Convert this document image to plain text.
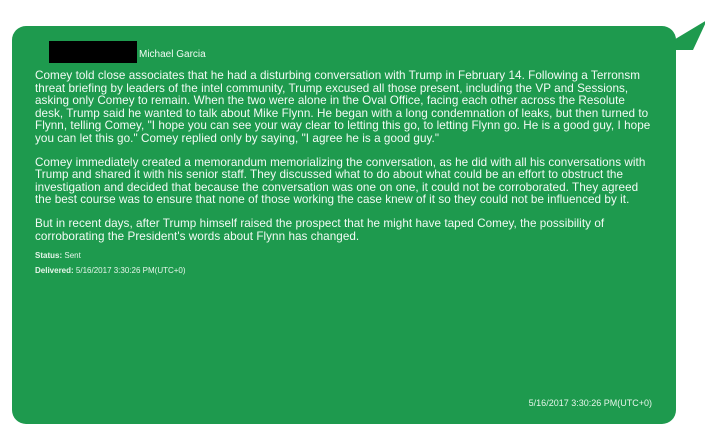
Michael Garcia

Comey told close associates that he had a disturbing conversation with Trump in February 14. Following a Terronsm threat briefing by leaders of the intel community, Trump excused all those present, including the VP and Sessions, asking only Comey to remain. When the two were alone in the Oval Office, facing each other across the Resolute desk, Trump said he wanted to talk about Mike Flynn. He began with a long condemnation of leaks, but then turned to Flynn, telling Comey, "I hope you can see your way clear to letting this go, to letting Flynn go. He is a good guy, I hope you can let this go." Comey replied only by saying, "I agree he is a good guy."

Comey immediately created a memorandum memorializing the conversation, as he did with all his conversations with Trump and shared it with his senior staff. They discussed what to do about what could be an effort to obstruct the investigation and decided that because the conversation was one on one, it could not be corroborated. They agreed the best course was to ensure that none of those working the case knew of it so they could not be influenced by it.

But in recent days, after Trump himself raised the prospect that he might have taped Comey, the possibility of corroborating the President's words about Flynn has changed.

Status: Sent
Delivered: 5/16/2017 3:30:26 PM(UTC+0)
5/16/2017 3:30:26 PM(UTC+0)
